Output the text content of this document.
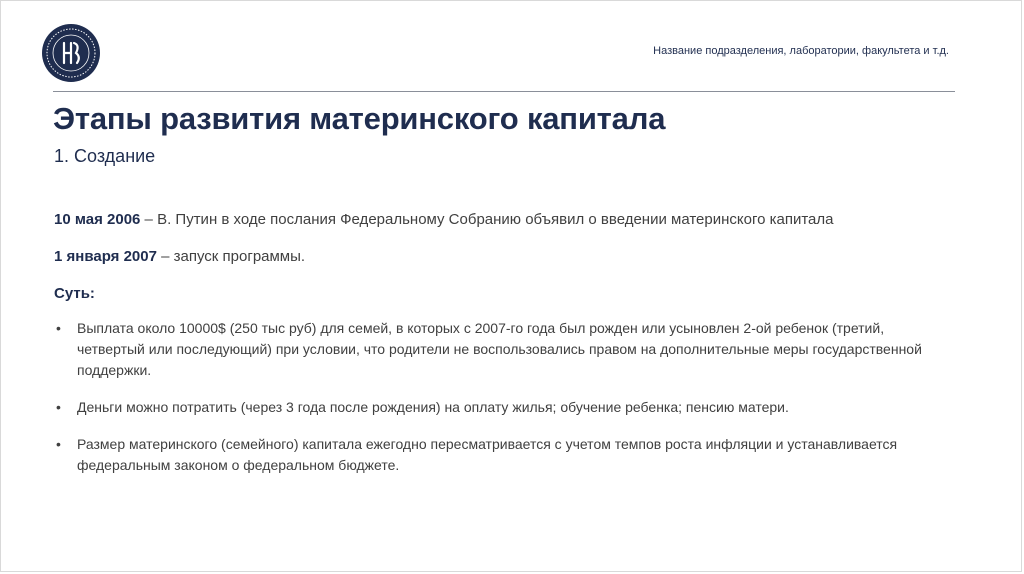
Название подразделения, лаборатории, факультета и т.д.
Этапы развития материнского капитала
1. Создание

10 мая 2006 – В. Путин в ходе послания Федеральному Собранию объявил о введении материнского капитала

1 января 2007 – запуск программы.

Суть:

• Выплата около 10000$ (250 тыс руб) для семей, в которых с 2007-го года был рожден или усыновлен 2-ой ребенок (третий, четвертый или последующий) при условии, что родители не воспользовались правом на дополнительные меры государственной поддержки.
• Деньги можно потратить (через 3 года после рождения) на оплату жилья; обучение ребенка; пенсию матери.
• Размер материнского (семейного) капитала ежегодно пересматривается с учетом темпов роста инфляции и устанавливается федеральным законом о федеральном бюджете.
